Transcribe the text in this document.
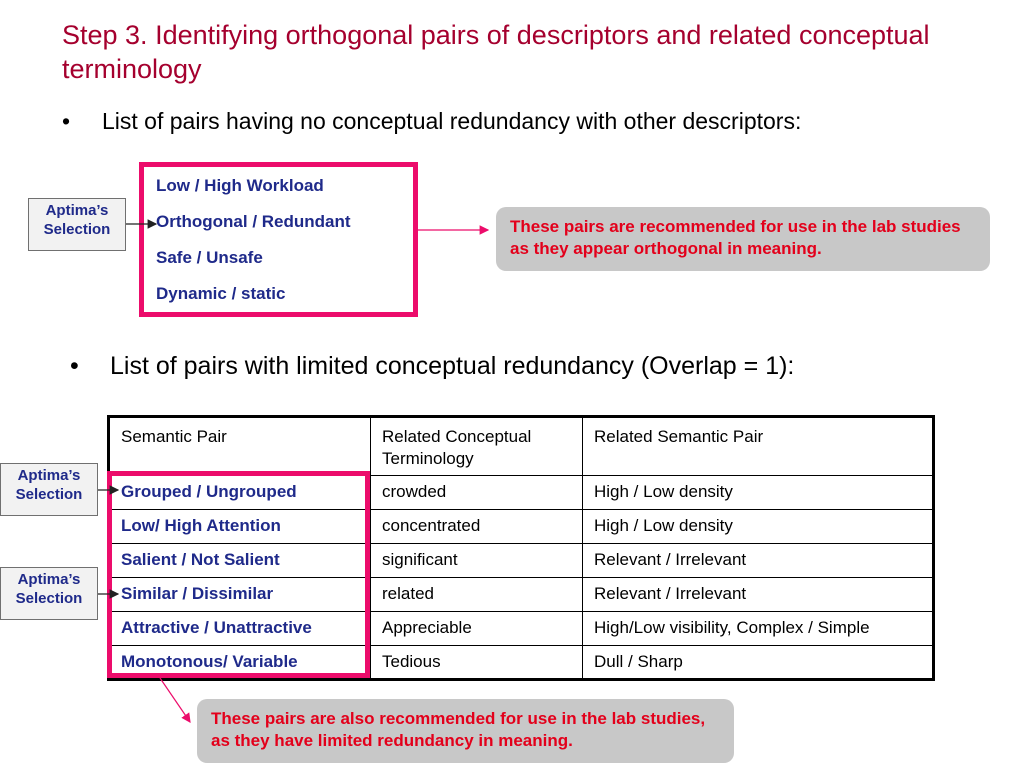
Step 3. Identifying orthogonal pairs of descriptors and related conceptual terminology
• List of pairs having no conceptual redundancy with other descriptors:
Low / High Workload
Orthogonal / Redundant
Safe / Unsafe
Dynamic / static
Aptima’s Selection	These pairs are recommended for use in the lab studies as they appear orthogonal in meaning.
• List of pairs with limited conceptual redundancy (Overlap = 1):
Semantic Pair	Related Conceptual Terminology	Related Semantic Pair
Grouped / Ungrouped	crowded	High / Low density
Low/ High Attention	concentrated	High / Low density
Salient / Not Salient	significant	Relevant / Irrelevant
Similar / Dissimilar	related	Relevant / Irrelevant
Attractive / Unattractive	Appreciable	High/Low visibility, Complex / Simple
Monotonous/ Variable	Tedious	Dull / Sharp
Aptima’s Selection
Aptima’s Selection
These pairs are also recommended for use in the lab studies, as they have limited redundancy in meaning.
